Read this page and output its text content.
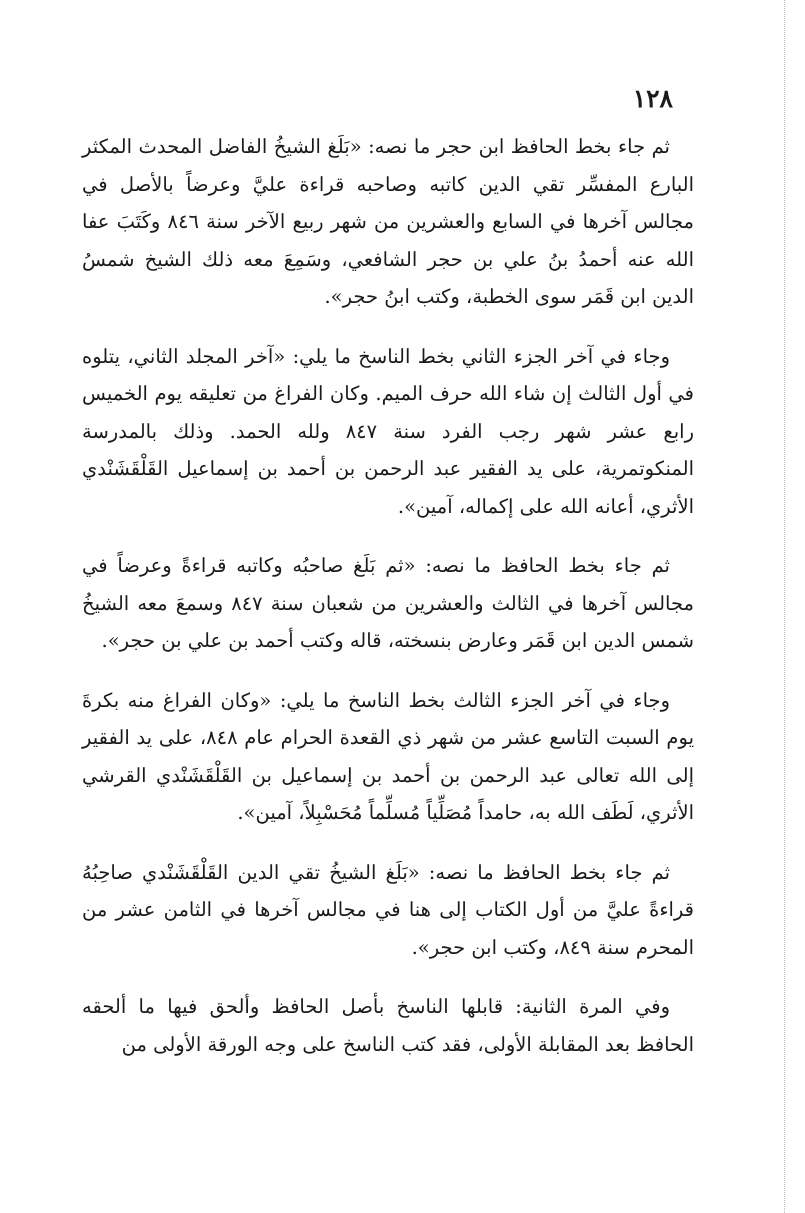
١٢٨

ثم جاء بخط الحافظ ابن حجر ما نصه: «بَلَغ الشيخُ الفاضل المحدث المكثر البارع المفسِّر تقي الدين كاتبه وصاحبه قراءة عليَّ وعرضاً بالأصل في مجالس آخرها في السابع والعشرين من شهر ربيع الآخر سنة ٨٤٦ وكَتَبَ عفا الله عنه أحمدُ بنُ علي بن حجر الشافعي، وسَمِعَ معه ذلك الشيخ شمسُ الدين ابن قَمَر سوى الخطبة، وكتب ابنُ حجر».

وجاء في آخر الجزء الثاني بخط الناسخ ما يلي: «آخر المجلد الثاني، يتلوه في أول الثالث إن شاء الله حرف الميم. وكان الفراغ من تعليقه يوم الخميس رابع عشر شهر رجب الفرد سنة ٨٤٧ ولله الحمد. وذلك بالمدرسة المنكوتمرية، على يد الفقير عبد الرحمن بن أحمد بن إسماعيل القَلْقَشَنْدي الأثري، أعانه الله على إكماله، آمين».

ثم جاء بخط الحافظ ما نصه: «ثم بَلَغ صاحبُه وكاتبه قراءةً وعرضاً في مجالس آخرها في الثالث والعشرين من شعبان سنة ٨٤٧ وسمعَ معه الشيخُ شمس الدين ابن قَمَر وعارض بنسخته، قاله وكتب أحمد بن علي بن حجر».

وجاء في آخر الجزء الثالث بخط الناسخ ما يلي: «وكان الفراغ منه بكرةَ يوم السبت التاسع عشر من شهر ذي القعدة الحرام عام ٨٤٨، على يد الفقير إلى الله تعالى عبد الرحمن بن أحمد بن إسماعيل بن القَلْقَشَنْدي القرشي الأثري، لَطَف الله به، حامداً مُصَلِّياً مُسلِّماً مُحَسْبِلاً، آمين».

ثم جاء بخط الحافظ ما نصه: «بَلَغ الشيخُ تقي الدين القَلْقَشَنْدي صاحِبُهُ قراءةً عليَّ من أول الكتاب إلى هنا في مجالس آخرها في الثامن عشر من المحرم سنة ٨٤٩، وكتب ابن حجر».

وفي المرة الثانية: قابلها الناسخ بأصل الحافظ وألحق فيها ما ألحقه الحافظ بعد المقابلة الأولى، فقد كتب الناسخ على وجه الورقة الأولى من
